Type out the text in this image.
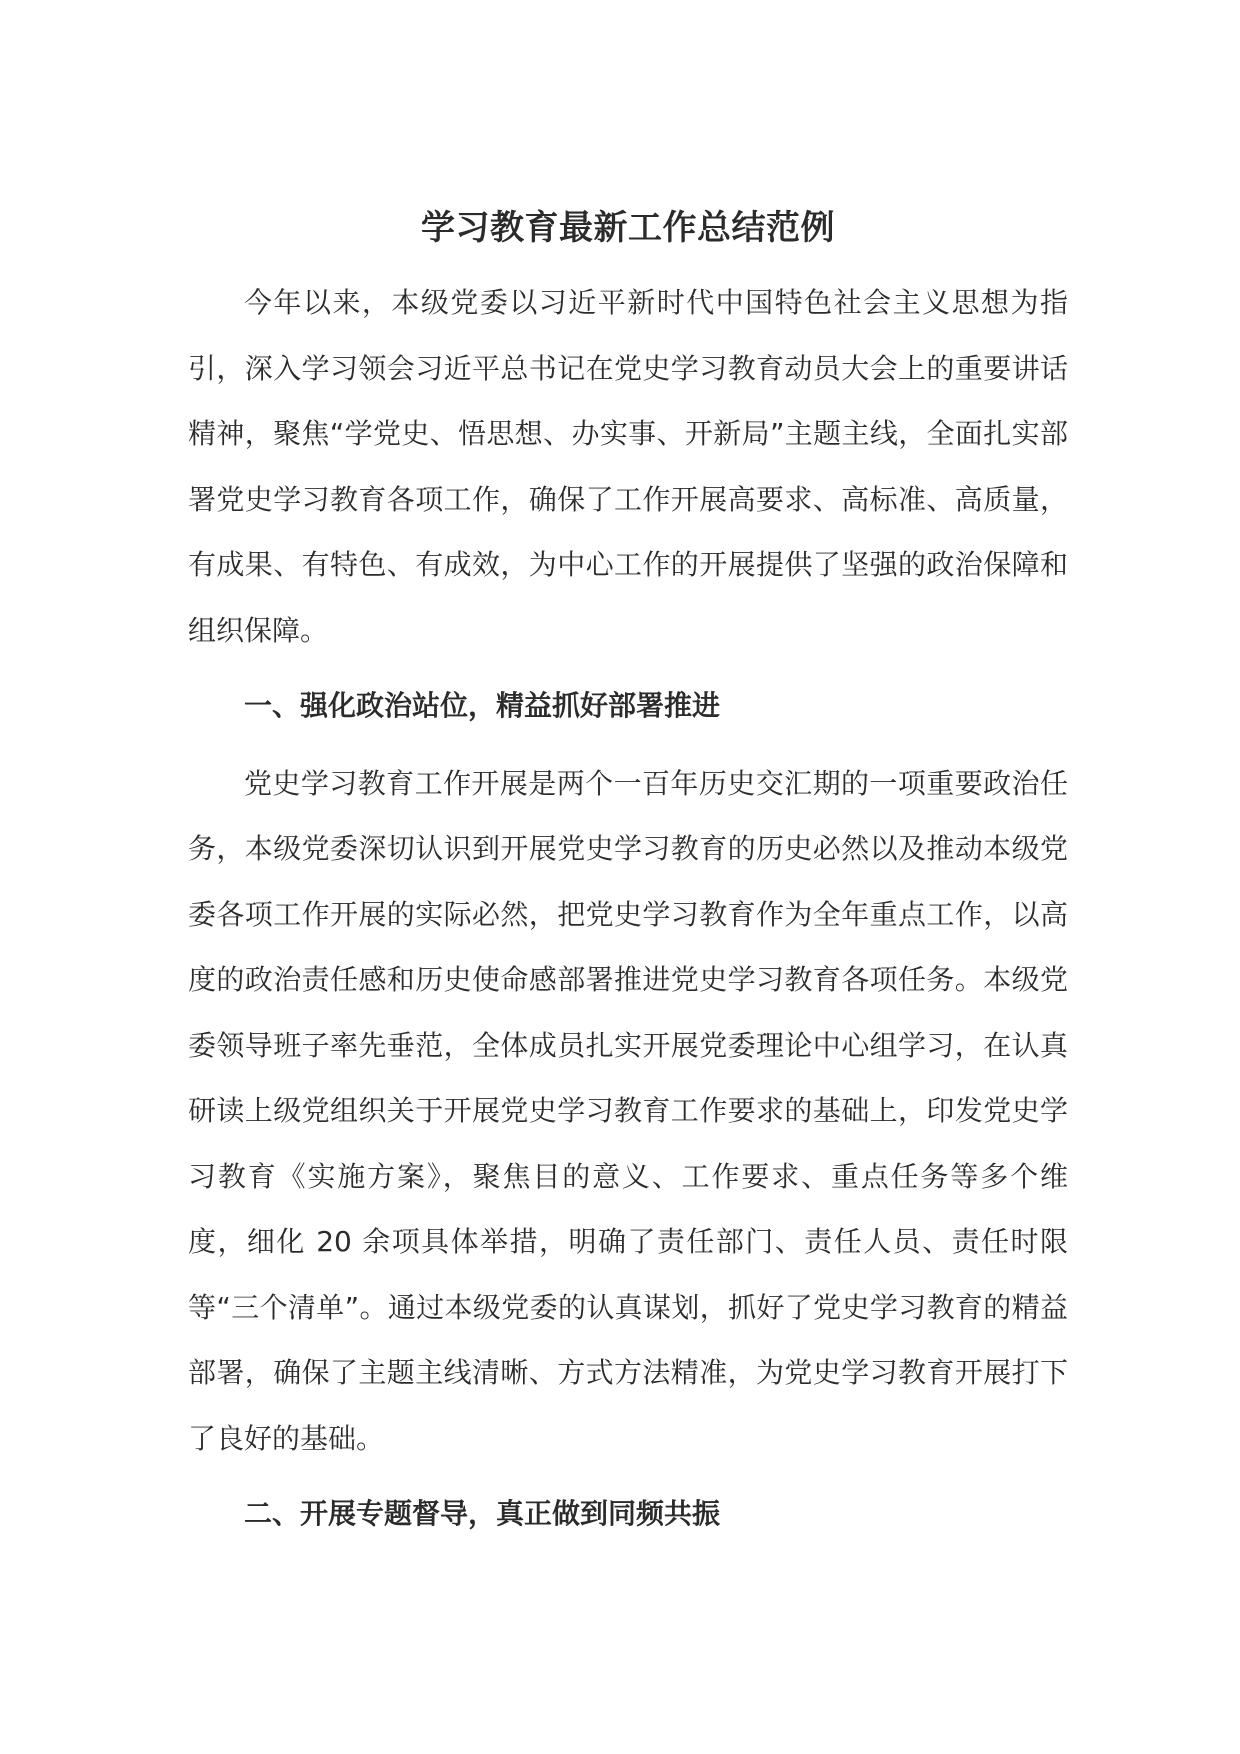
学习教育最新工作总结范例

今年以来，本级党委以习近平新时代中国特色社会主义思想为指引，深入学习领会习近平总书记在党史学习教育动员大会上的重要讲话精神，聚焦“学党史、悟思想、办实事、开新局”主题主线，全面扎实部署党史学习教育各项工作，确保了工作开展高要求、高标准、高质量，有成果、有特色、有成效，为中心工作的开展提供了坚强的政治保障和组织保障。

一、强化政治站位，精益抓好部署推进

党史学习教育工作开展是两个一百年历史交汇期的一项重要政治任务，本级党委深切认识到开展党史学习教育的历史必然以及推动本级党委各项工作开展的实际必然，把党史学习教育作为全年重点工作，以高度的政治责任感和历史使命感部署推进党史学习教育各项任务。本级党委领导班子率先垂范，全体成员扎实开展党委理论中心组学习，在认真研读上级党组织关于开展党史学习教育工作要求的基础上，印发党史学习教育《实施方案》，聚焦目的意义、工作要求、重点任务等多个维度，细化 20 余项具体举措，明确了责任部门、责任人员、责任时限等“三个清单”。通过本级党委的认真谋划，抓好了党史学习教育的精益部署，确保了主题主线清晰、方式方法精准，为党史学习教育开展打下了良好的基础。

二、开展专题督导，真正做到同频共振
